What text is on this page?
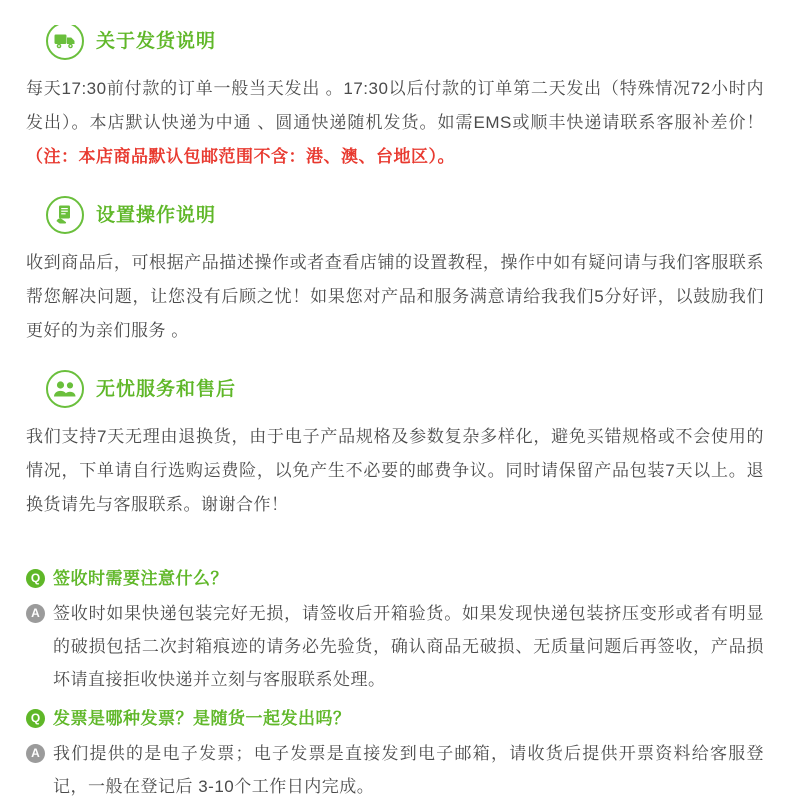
关于发货说明
每天17:30前付款的订单一般当天发出 。17:30以后付款的订单第二天发出（特殊情况72小时内发出）。本店默认快递为中通 、圆通快递随机发货。如需EMS或顺丰快递请联系客服补差价！（注：本店商品默认包邮范围不含：港、澳、台地区）。
设置操作说明
收到商品后，可根据产品描述操作或者查看店铺的设置教程，操作中如有疑问请与我们客服联系帮您解决问题，让您没有后顾之忧！如果您对产品和服务满意请给我我们5分好评，以鼓励我们更好的为亲们服务 。
无忧服务和售后
我们支持7天无理由退换货，由于电子产品规格及参数复杂多样化，避免买错规格或不会使用的情况，下单请自行选购运费险，以免产生不必要的邮费争议。同时请保留产品包装7天以上。退换货请先与客服联系。谢谢合作！
Q 签收时需要注意什么？
A 签收时如果快递包装完好无损，请签收后开箱验货。如果发现快递包装挤压变形或者有明显的破损包括二次封箱痕迹的请务必先验货，确认商品无破损、无质量问题后再签收，产品损坏请直接拒收快递并立刻与客服联系处理。
Q 发票是哪种发票？是随货一起发出吗？
A 我们提供的是电子发票；电子发票是直接发到电子邮箱，请收货后提供开票资料给客服登记，一般在登记后 3-10个工作日内完成。
